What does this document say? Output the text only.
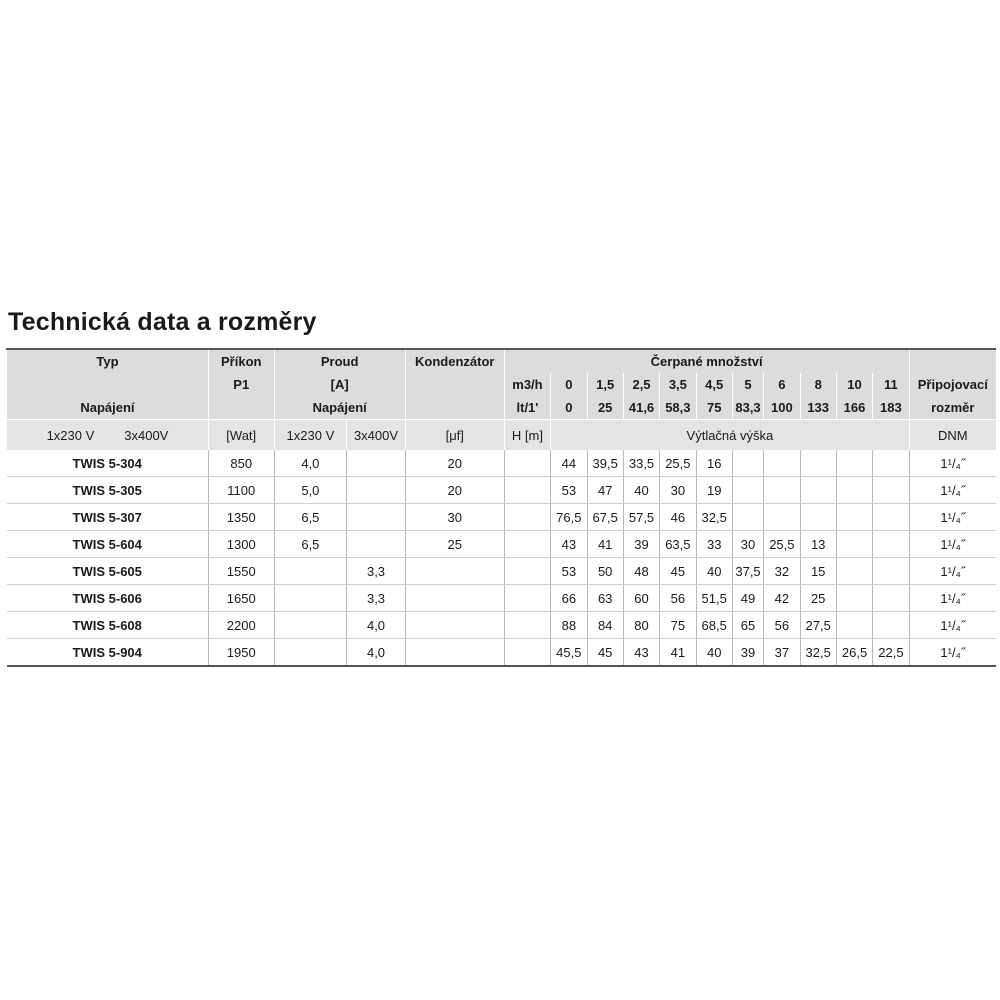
Technická data a rozměry
Typ	Příkon	Proud		Kondenzátor	Čerpané množství											
	P1	[A]			m3/h	0	1,5	2,5	3,5	4,5	5	6	8	10	11	Připojovací
Napájení		Napájení			lt/1'	0	25	41,6	58,3	75	83,3	100	133	166	183	rozměr
1x230 V 3x400V	[Wat]	1x230 V	3x400V	[μf]	H [m]	Výtlačná výška										DNM
TWIS 5-304	850	4,0		20		44	39,5	33,5	25,5	16						1¹/₄˝
TWIS 5-305	1100	5,0		20		53	47	40	30	19						1¹/₄˝
TWIS 5-307	1350	6,5		30		76,5	67,5	57,5	46	32,5						1¹/₄˝
TWIS 5-604	1300	6,5		25		43	41	39	63,5	33	30	25,5	13			1¹/₄˝
TWIS 5-605	1550		3,3			53	50	48	45	40	37,5	32	15			1¹/₄˝
TWIS 5-606	1650		3,3			66	63	60	56	51,5	49	42	25			1¹/₄˝
TWIS 5-608	2200		4,0			88	84	80	75	68,5	65	56	27,5			1¹/₄˝
TWIS 5-904	1950		4,0			45,5	45	43	41	40	39	37	32,5	26,5	22,5	1¹/₄˝
